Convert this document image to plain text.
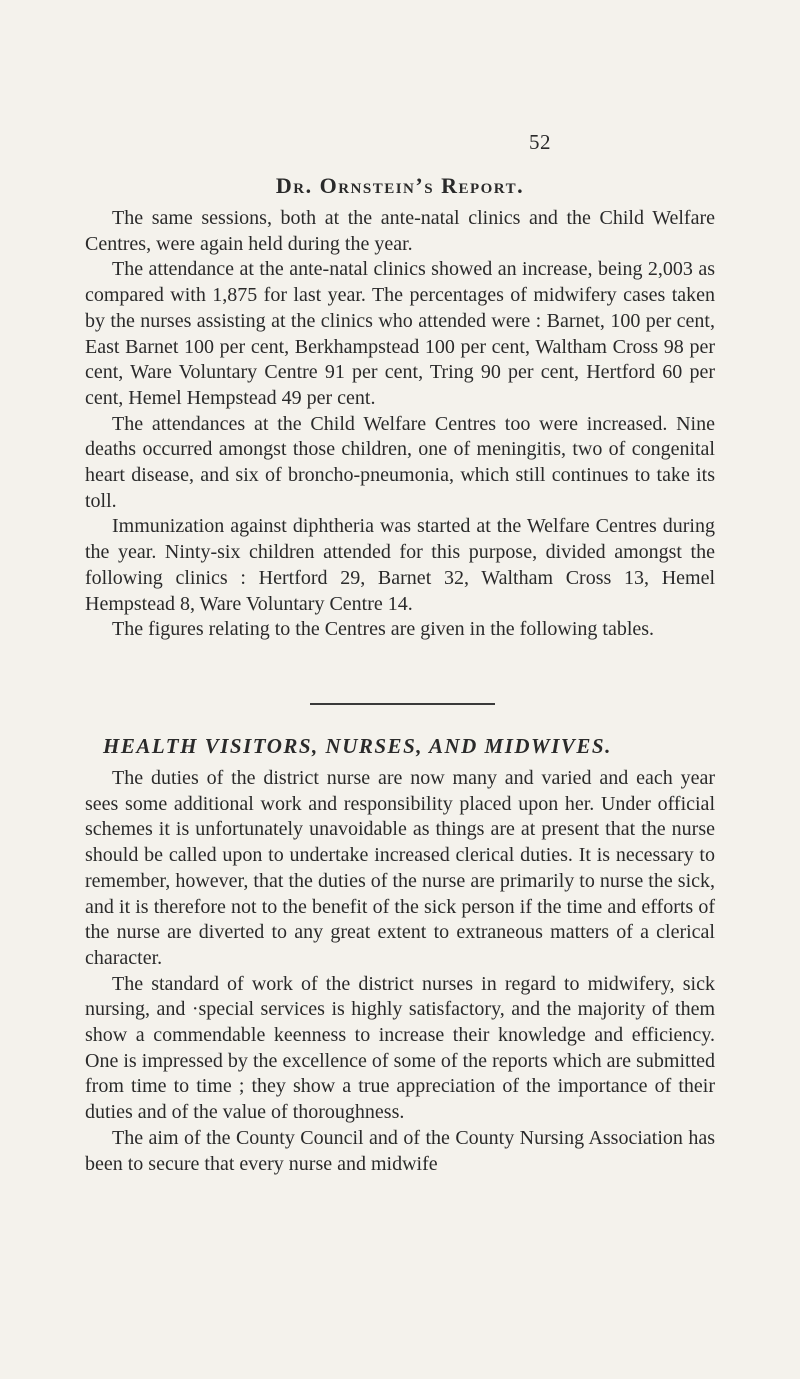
52
Dr. Ornstein’s Report.

The same sessions, both at the ante-natal clinics and the Child Welfare Centres, were again held during the year.

The attendance at the ante-natal clinics showed an increase, being 2,003 as compared with 1,875 for last year. The percentages of midwifery cases taken by the nurses assisting at the clinics who attended were : Barnet, 100 per cent, East Barnet 100 per cent, Berkhampstead 100 per cent, Waltham Cross 98 per cent, Ware Voluntary Centre 91 per cent, Tring 90 per cent, Hertford 60 per cent, Hemel Hempstead 49 per cent.

The attendances at the Child Welfare Centres too were increased. Nine deaths occurred amongst those children, one of meningitis, two of congenital heart disease, and six of broncho-pneumonia, which still continues to take its toll.

Immunization against diphtheria was started at the Welfare Centres during the year. Ninty-six children attended for this purpose, divided amongst the following clinics : Hertford 29, Barnet 32, Waltham Cross 13, Hemel Hempstead 8, Ware Voluntary Centre 14.

The figures relating to the Centres are given in the following tables.

HEALTH VISITORS, NURSES, AND MIDWIVES.

The duties of the district nurse are now many and varied and each year sees some additional work and responsibility placed upon her. Under official schemes it is unfortunately unavoidable as things are at present that the nurse should be called upon to undertake increased clerical duties. It is necessary to remember, however, that the duties of the nurse are primarily to nurse the sick, and it is therefore not to the benefit of the sick person if the time and efforts of the nurse are diverted to any great extent to extraneous matters of a clerical character.

The standard of work of the district nurses in regard to midwifery, sick nursing, and ·special services is highly satisfactory, and the majority of them show a commendable keenness to increase their knowledge and efficiency. One is impressed by the excellence of some of the reports which are submitted from time to time ; they show a true appreciation of the importance of their duties and of the value of thoroughness.

The aim of the County Council and of the County Nursing Association has been to secure that every nurse and midwife
